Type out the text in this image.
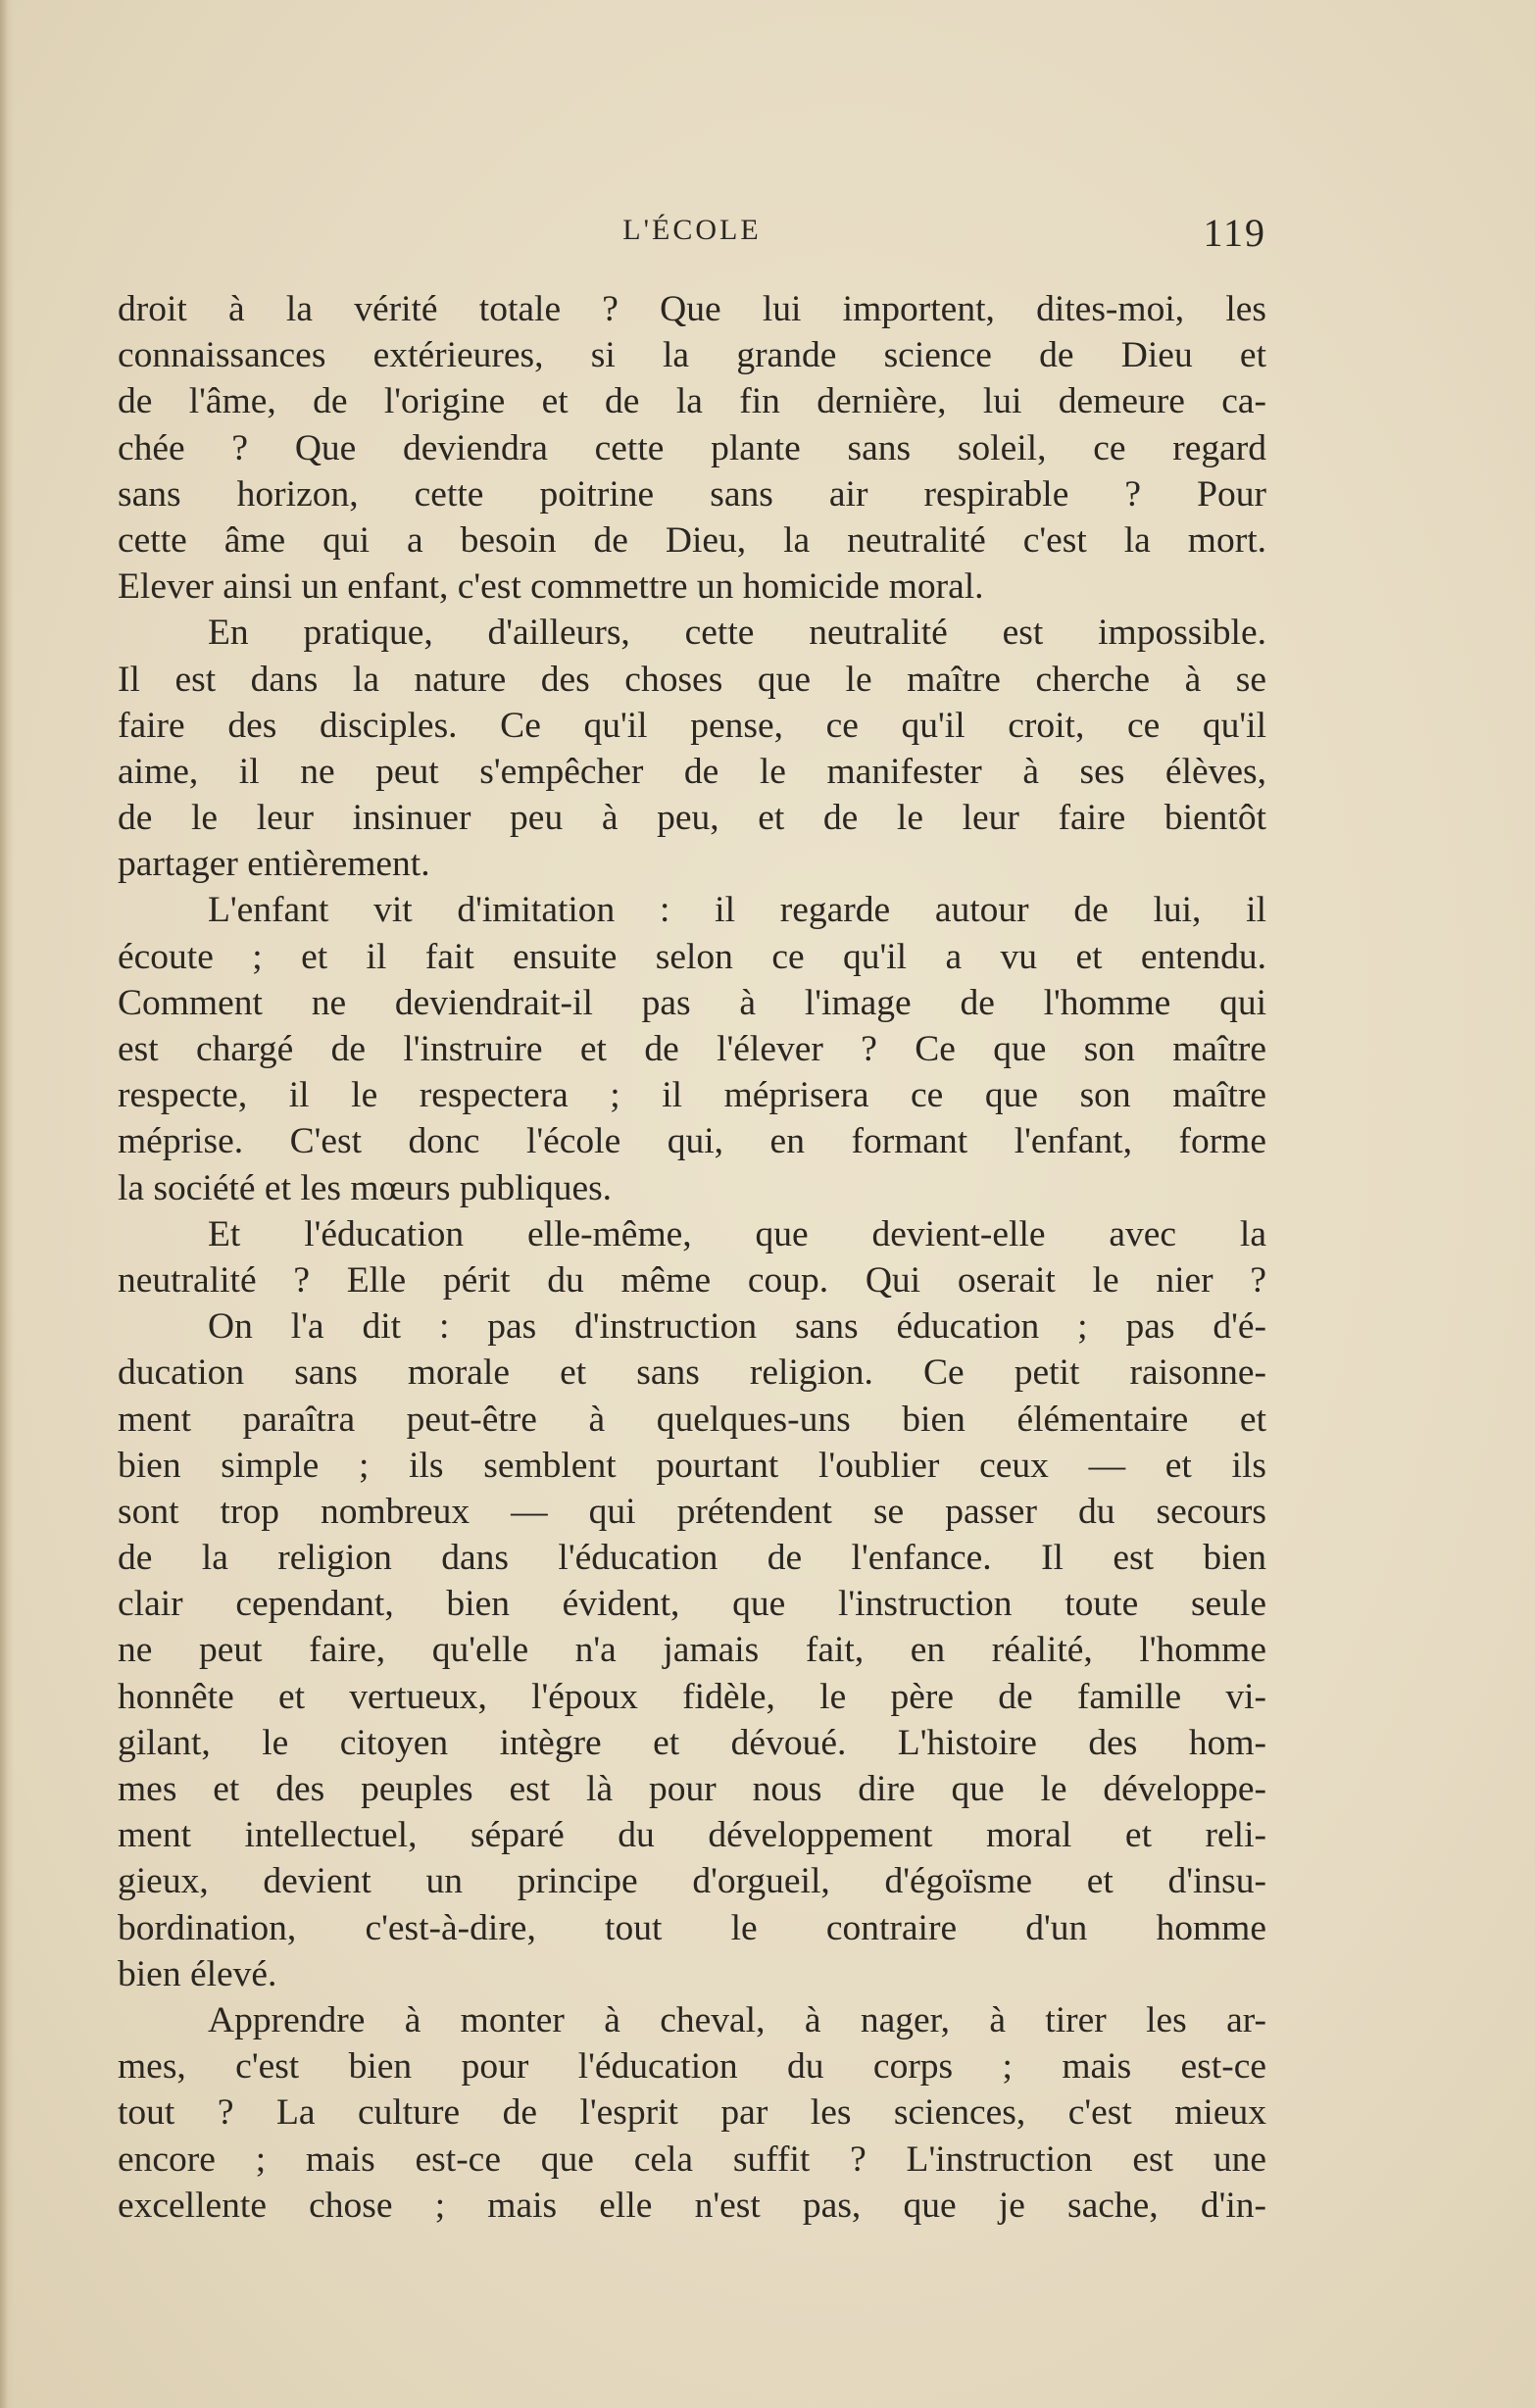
L'ÉCOLE	119
droit à la vérité totale ? Que lui importent, dites-moi, les
connaissances extérieures, si la grande science de Dieu et
de l'âme, de l'origine et de la fin dernière, lui demeure ca-
chée ? Que deviendra cette plante sans soleil, ce regard
sans horizon, cette poitrine sans air respirable ? Pour
cette âme qui a besoin de Dieu, la neutralité c'est la mort.
Elever ainsi un enfant, c'est commettre un homicide moral.
En pratique, d'ailleurs, cette neutralité est impossible.
Il est dans la nature des choses que le maître cherche à se
faire des disciples. Ce qu'il pense, ce qu'il croit, ce qu'il
aime, il ne peut s'empêcher de le manifester à ses élèves,
de le leur insinuer peu à peu, et de le leur faire bientôt
partager entièrement.
L'enfant vit d'imitation : il regarde autour de lui, il
écoute ; et il fait ensuite selon ce qu'il a vu et entendu.
Comment ne deviendrait-il pas à l'image de l'homme qui
est chargé de l'instruire et de l'élever ? Ce que son maître
respecte, il le respectera ; il méprisera ce que son maître
méprise. C'est donc l'école qui, en formant l'enfant, forme
la société et les mœurs publiques.
Et l'éducation elle-même, que devient-elle avec la
neutralité ? Elle périt du même coup. Qui oserait le nier ?
On l'a dit : pas d'instruction sans éducation ; pas d'é-
ducation sans morale et sans religion. Ce petit raisonne-
ment paraîtra peut-être à quelques-uns bien élémentaire et
bien simple ; ils semblent pourtant l'oublier ceux — et ils
sont trop nombreux — qui prétendent se passer du secours
de la religion dans l'éducation de l'enfance. Il est bien
clair cependant, bien évident, que l'instruction toute seule
ne peut faire, qu'elle n'a jamais fait, en réalité, l'homme
honnête et vertueux, l'époux fidèle, le père de famille vi-
gilant, le citoyen intègre et dévoué. L'histoire des hom-
mes et des peuples est là pour nous dire que le développe-
ment intellectuel, séparé du développement moral et reli-
gieux, devient un principe d'orgueil, d'égoïsme et d'insu-
bordination, c'est-à-dire, tout le contraire d'un homme
bien élevé.
Apprendre à monter à cheval, à nager, à tirer les ar-
mes, c'est bien pour l'éducation du corps ; mais est-ce
tout ? La culture de l'esprit par les sciences, c'est mieux
encore ; mais est-ce que cela suffit ? L'instruction est une
excellente chose ; mais elle n'est pas, que je sache, d'in-
